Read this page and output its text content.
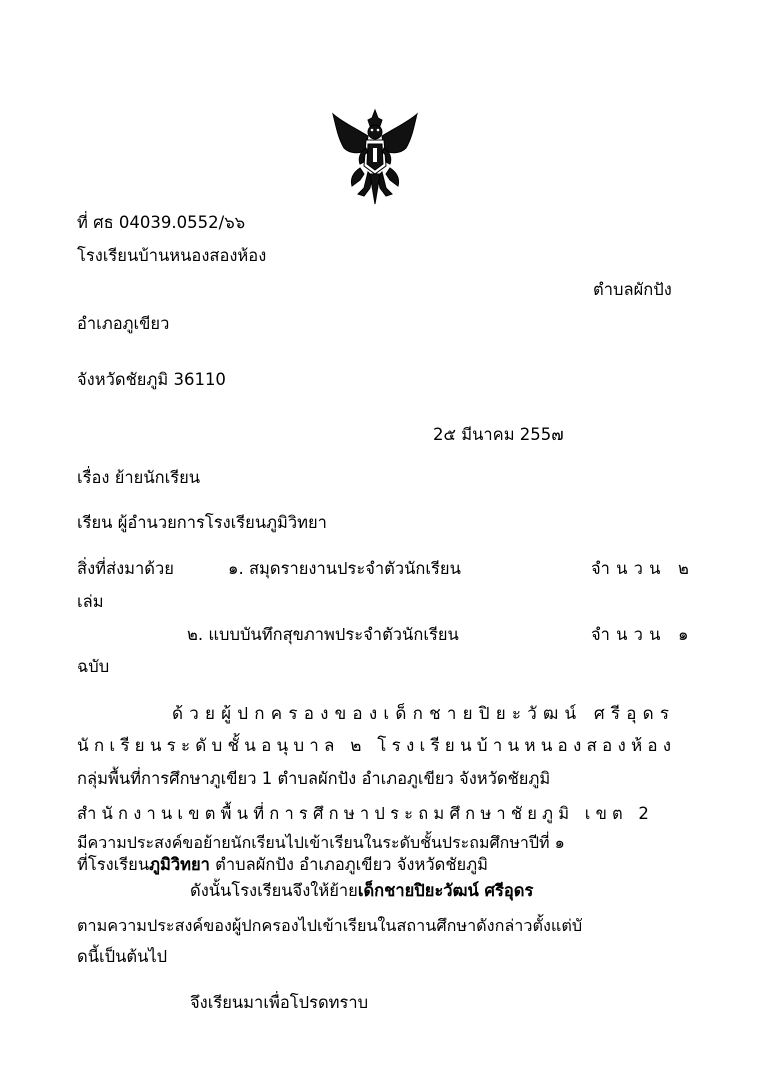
ที่ ศธ 04039.0552/๖๖
โรงเรียนบ้านหนองสองห้อง
ตำบลผักปัง
อำเภอภูเขียว
จังหวัดชัยภูมิ 36110
2๕ มีนาคม 255๗
เรื่อง ย้ายนักเรียน
เรียน ผู้อำนวยการโรงเรียนภูมิวิทยา
สิ่งที่ส่งมาด้วย	๑. สมุดรายงานประจำตัวนักเรียน	จำนวน ๒
เล่ม
๒. แบบบันทึกสุขภาพประจำตัวนักเรียน	จำนวน ๑
ฉบับ
ด้วยผู้ปกครองของเด็กชายปิยะวัฒน์ ศรีอุดร
นักเรียนระดับชั้นอนุบาล ๒ โรงเรียนบ้านหนองสองห้อง
กลุ่มพื้นที่การศึกษาภูเขียว 1 ตำบลผักปัง อำเภอภูเขียว จังหวัดชัยภูมิ
สำนักงานเขตพื้นที่การศึกษาประถมศึกษาชัยภูมิ เขต 2
มีความประสงค์ขอย้ายนักเรียนไปเข้าเรียนในระดับชั้นประถมศึกษาปีที่ ๑
ที่โรงเรียนภูมิวิทยา ตำบลผักปัง อำเภอภูเขียว จังหวัดชัยภูมิ
ดังนั้นโรงเรียนจึงให้ย้ายเด็กชายปิยะวัฒน์ ศรีอุดร
ตามความประสงค์ของผู้ปกครองไปเข้าเรียนในสถานศึกษาดังกล่าวตั้งแต่บั
ดนี้เป็นต้นไป
จึงเรียนมาเพื่อโปรดทราบ
